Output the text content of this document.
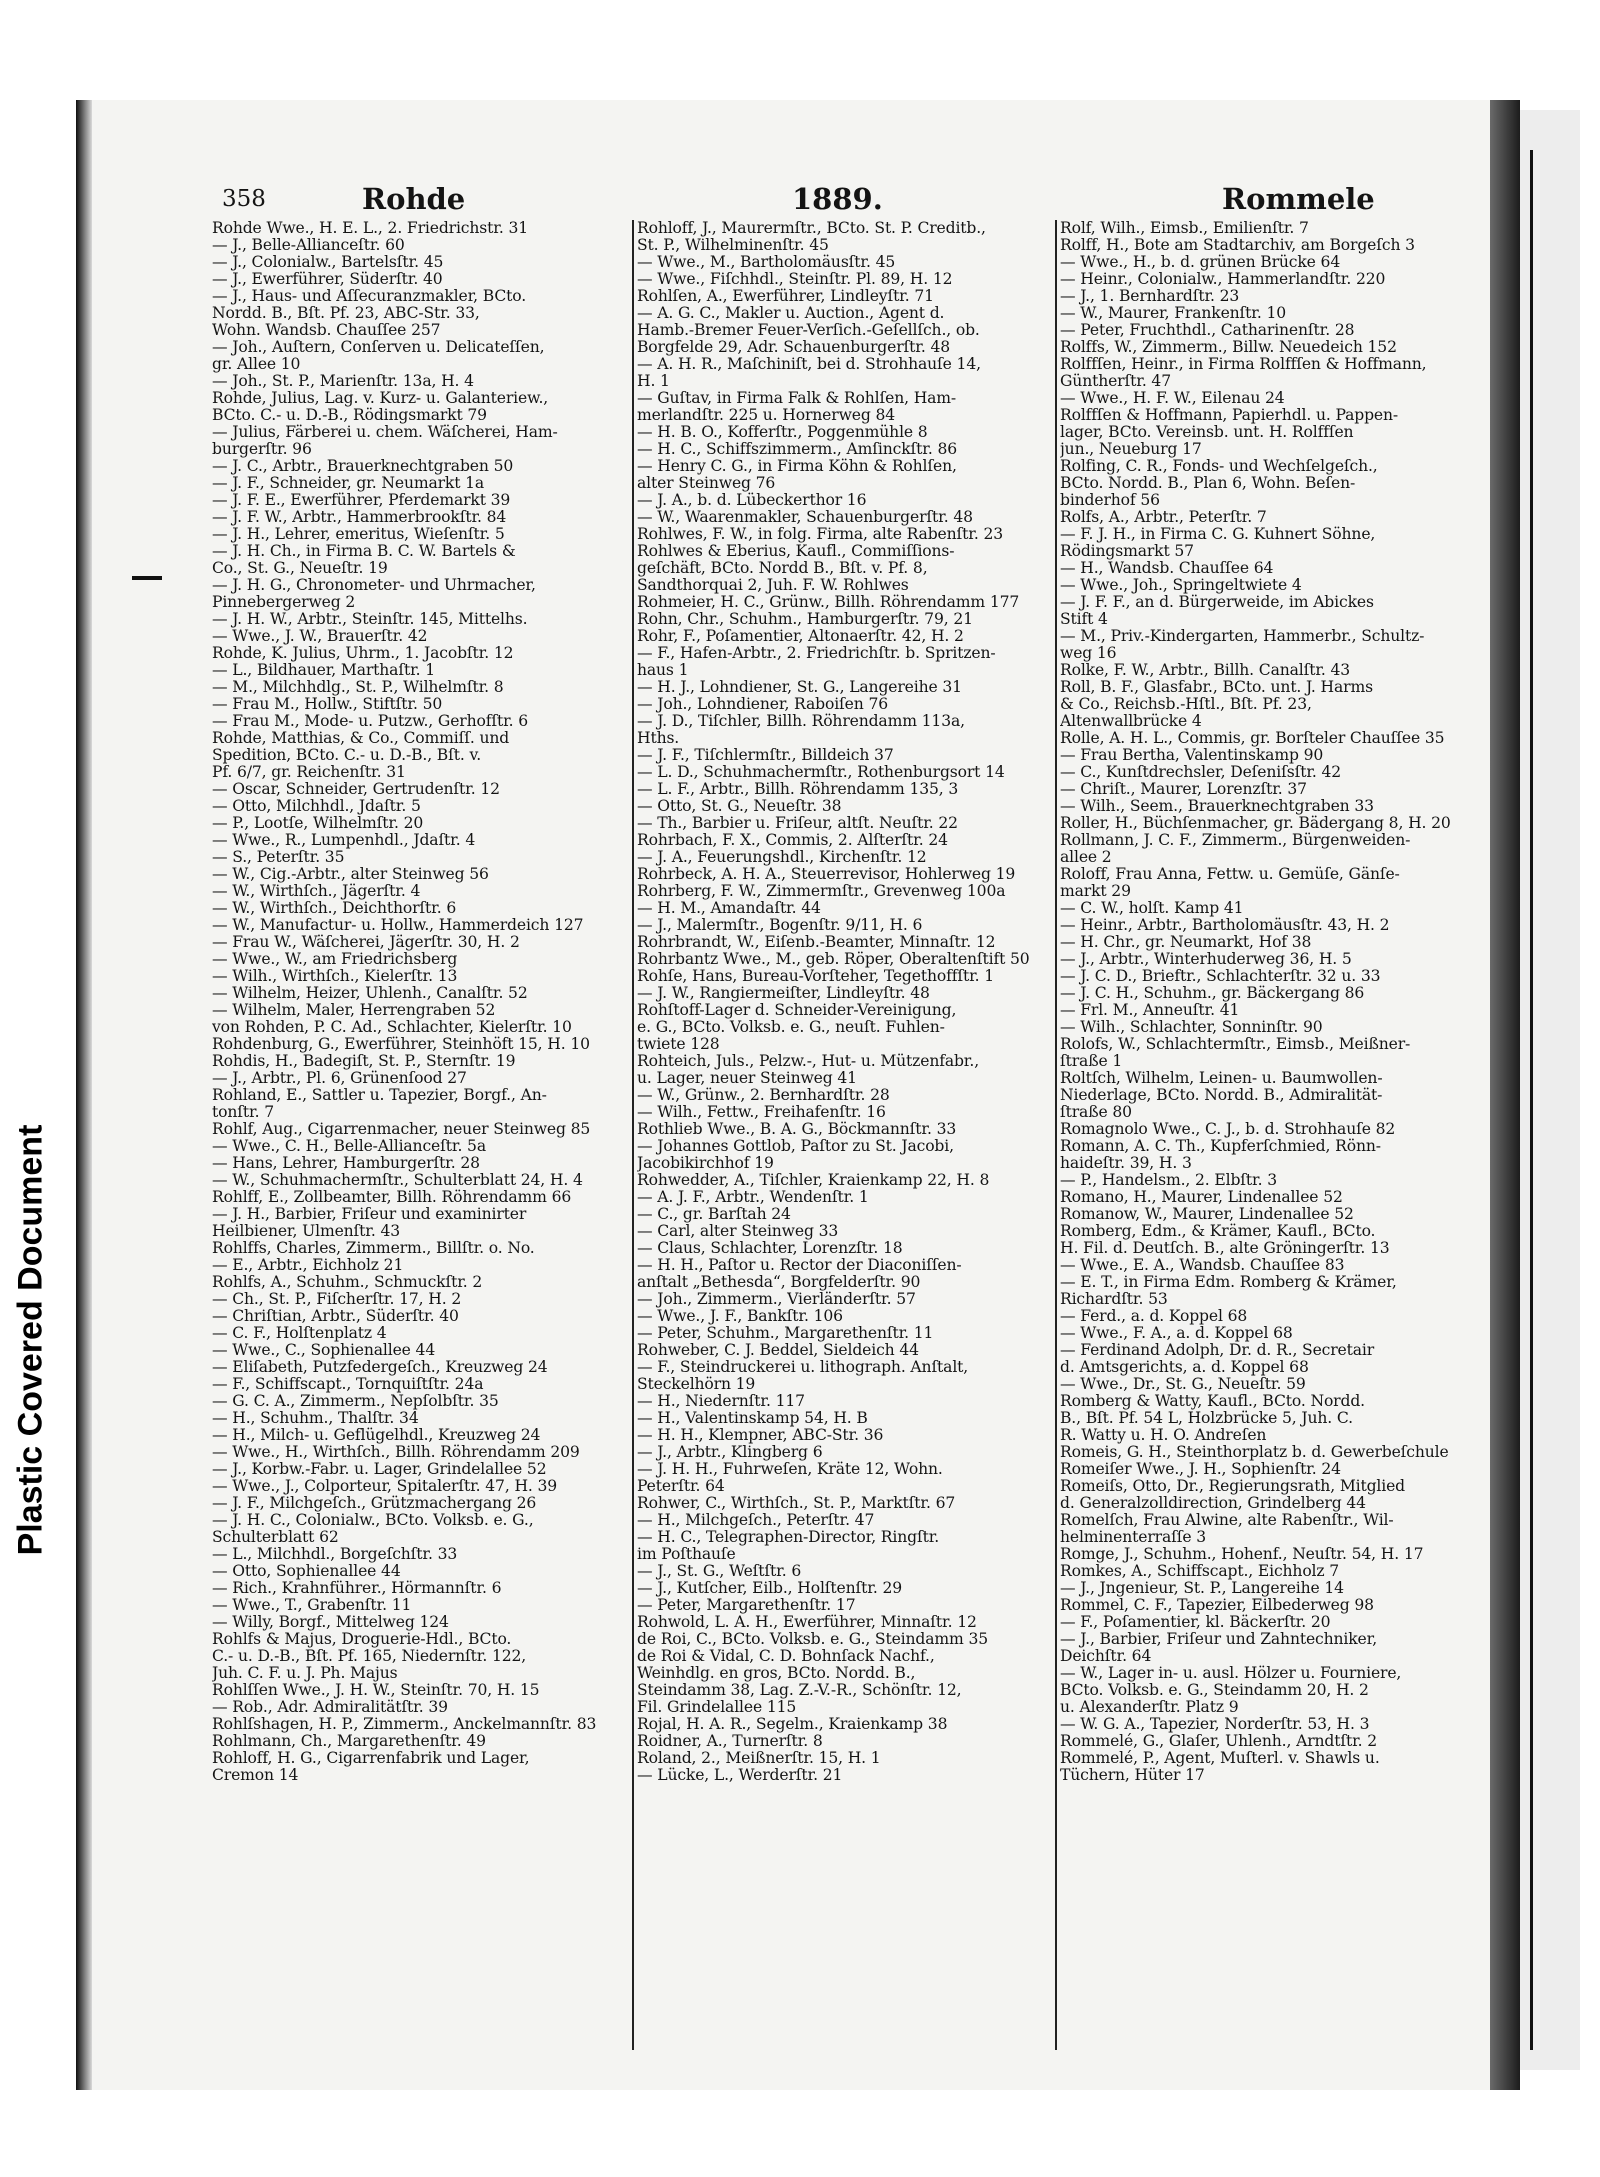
Plastic Covered Document
358	Rohde	1889.	Rommele

Rohde Wwe., H. E. L., 2. Friedrichstr. 31

— J., Belle-Allianceſtr. 60

— J., Colonialw., Bartelsſtr. 45

— J., Ewerführer, Süderſtr. 40

— J., Haus- und Aſſecuranzmakler, BCto.

Nordd. B., Bſt. Pf. 23, ABC-Str. 33,

Wohn. Wandsb. Chauſſee 257

— Joh., Auſtern, Conſerven u. Delicateſſen,

gr. Allee 10

— Joh., St. P., Marienſtr. 13a, H. 4

Rohde, Julius, Lag. v. Kurz- u. Galanteriew.,

BCto. C.- u. D.-B., Rödingsmarkt 79

— Julius, Färberei u. chem. Wäſcherei, Ham-

burgerſtr. 96

— J. C., Arbtr., Brauerknechtgraben 50

— J. F., Schneider, gr. Neumarkt 1a

— J. F. E., Ewerführer, Pferdemarkt 39

— J. F. W., Arbtr., Hammerbrookſtr. 84

— J. H., Lehrer, emeritus, Wieſenſtr. 5

— J. H. Ch., in Firma B. C. W. Bartels &

Co., St. G., Neueſtr. 19

— J. H. G., Chronometer- und Uhrmacher,

Pinnebergerweg 2

— J. H. W., Arbtr., Steinſtr. 145, Mittelhs.

— Wwe., J. W., Brauerſtr. 42

Rohde, K. Julius, Uhrm., 1. Jacobſtr. 12

— L., Bildhauer, Marthaſtr. 1

— M., Milchhdlg., St. P., Wilhelmſtr. 8

— Frau M., Hollw., Stiftſtr. 50

— Frau M., Mode- u. Putzw., Gerhofſtr. 6

Rohde, Matthias, & Co., Commiſſ. und

Spedition, BCto. C.- u. D.-B., Bſt. v.

Pf. 6/7, gr. Reichenſtr. 31

— Oscar, Schneider, Gertrudenſtr. 12

— Otto, Milchhdl., Jdaſtr. 5

— P., Lootſe, Wilhelmſtr. 20

— Wwe., R., Lumpenhdl., Jdaſtr. 4

— S., Peterſtr. 35

— W., Cig.-Arbtr., alter Steinweg 56

— W., Wirthſch., Jägerſtr. 4

— W., Wirthſch., Deichthorſtr. 6

— W., Manufactur- u. Hollw., Hammerdeich 127

— Frau W., Wäſcherei, Jägerſtr. 30, H. 2

— Wwe., W., am Friedrichsberg

— Wilh., Wirthſch., Kielerſtr. 13

— Wilhelm, Heizer, Uhlenh., Canalſtr. 52

— Wilhelm, Maler, Herrengraben 52

von Rohden, P. C. Ad., Schlachter, Kielerſtr. 10

Rohdenburg, G., Ewerführer, Steinhöft 15, H. 10

Rohdis, H., Badegiſt, St. P., Sternſtr. 19

— J., Arbtr., Pl. 6, Grünenſood 27

Rohland, E., Sattler u. Tapezier, Borgf., An-

tonſtr. 7

Rohlf, Aug., Cigarrenmacher, neuer Steinweg 85

— Wwe., C. H., Belle-Allianceſtr. 5a

— Hans, Lehrer, Hamburgerſtr. 28

— W., Schuhmachermſtr., Schulterblatt 24, H. 4

Rohlff, E., Zollbeamter, Billh. Röhrendamm 66

— J. H., Barbier, Friſeur und examinirter

Heilbiener, Ulmenſtr. 43

Rohlffs, Charles, Zimmerm., Billſtr. o. No.

— E., Arbtr., Eichholz 21

Rohlfs, A., Schuhm., Schmuckſtr. 2

— Ch., St. P., Fiſcherſtr. 17, H. 2

— Chriſtian, Arbtr., Süderſtr. 40

— C. F., Holſtenplatz 4

— Wwe., C., Sophienallee 44

— Eliſabeth, Putzfedergeſch., Kreuzweg 24

— F., Schiffscapt., Tornquiſtſtr. 24a

— G. C. A., Zimmerm., Nepſolbſtr. 35

— H., Schuhm., Thalſtr. 34

— H., Milch- u. Geflügelhdl., Kreuzweg 24

— Wwe., H., Wirthſch., Billh. Röhrendamm 209

— J., Korbw.-Fabr. u. Lager, Grindelallee 52

— Wwe., J., Colporteur, Spitalerſtr. 47, H. 39

— J. F., Milchgeſch., Grützmachergang 26

— J. H. C., Colonialw., BCto. Volksb. e. G.,

Schulterblatt 62

— L., Milchhdl., Borgeſchſtr. 33

— Otto, Sophienallee 44

— Rich., Krahnführer., Hörmannſtr. 6

— Wwe., T., Grabenſtr. 11

— Willy, Borgf., Mittelweg 124

Rohlfs & Majus, Droguerie-Hdl., BCto.

C.- u. D.-B., Bſt. Pf. 165, Niedernſtr. 122,

Juh. C. F. u. J. Ph. Majus

Rohlſſen Wwe., J. H. W., Steinſtr. 70, H. 15

— Rob., Adr. Admiralitätſtr. 39

Rohlſshagen, H. P., Zimmerm., Anckelmannſtr. 83

Rohlmann, Ch., Margarethenſtr. 49

Rohloff, H. G., Cigarrenfabrik und Lager,

Cremon 14

Rohloff, J., Maurermſtr., BCto. St. P. Creditb.,

St. P., Wilhelminenſtr. 45

— Wwe., M., Bartholomäusſtr. 45

— Wwe., Fiſchhdl., Steinſtr. Pl. 89, H. 12

Rohlſen, A., Ewerführer, Lindleyſtr. 71

— A. G. C., Makler u. Auction., Agent d.

Hamb.-Bremer Feuer-Verſich.-Geſellſch., ob.

Borgfelde 29, Adr. Schauenburgerſtr. 48

— A. H. R., Maſchiniſt, bei d. Strohhauſe 14,

H. 1

— Guſtav, in Firma Falk & Rohlſen, Ham-

merlandſtr. 225 u. Hornerweg 84

— H. B. O., Kofferſtr., Poggenmühle 8

— H. C., Schiffszimmerm., Amſinckſtr. 86

— Henry C. G., in Firma Köhn & Rohlſen,

alter Steinweg 76

— J. A., b. d. Lübeckerthor 16

— W., Waarenmakler, Schauenburgerſtr. 48

Rohlwes, F. W., in folg. Firma, alte Rabenſtr. 23

Rohlwes & Eberius, Kaufl., Commiſſions-

geſchäft, BCto. Nordd B., Bſt. v. Pf. 8,

Sandthorquai 2, Juh. F. W. Rohlwes

Rohmeier, H. C., Grünw., Billh. Röhrendamm 177

Rohn, Chr., Schuhm., Hamburgerſtr. 79, 21

Rohr, F., Poſamentier, Altonaerſtr. 42, H. 2

— F., Hafen-Arbtr., 2. Friedrichſtr. b. Spritzen-

haus 1

— H. J., Lohndiener, St. G., Langereihe 31

— Joh., Lohndiener, Raboiſen 76

— J. D., Tiſchler, Billh. Röhrendamm 113a,

Hths.

— J. F., Tiſchlermſtr., Billdeich 37

— L. D., Schuhmachermſtr., Rothenburgsort 14

— L. F., Arbtr., Billh. Röhrendamm 135, 3

— Otto, St. G., Neueſtr. 38

— Th., Barbier u. Friſeur, altſt. Neuſtr. 22

Rohrbach, F. X., Commis, 2. Alſterſtr. 24

— J. A., Feuerungshdl., Kirchenſtr. 12

Rohrbeck, A. H. A., Steuerrevisor, Hohlerweg 19

Rohrberg, F. W., Zimmermſtr., Grevenweg 100a

— H. M., Amandaſtr. 44

— J., Malermſtr., Bogenſtr. 9/11, H. 6

Rohrbrandt, W., Eiſenb.-Beamter, Minnaſtr. 12

Rohrbantz Wwe., M., geb. Röper, Oberaltenſtift 50

Rohſe, Hans, Bureau-Vorſteher, Tegethoffſtr. 1

— J. W., Rangiermeiſter, Lindleyſtr. 48

Rohſtoff-Lager d. Schneider-Vereinigung,

e. G., BCto. Volksb. e. G., neuſt. Fuhlen-

twiete 128

Rohteich, Juls., Pelzw.-, Hut- u. Mützenfabr.,

u. Lager, neuer Steinweg 41

— W., Grünw., 2. Bernhardſtr. 28

— Wilh., Fettw., Freihafenſtr. 16

Rothlieb Wwe., B. A. G., Böckmannſtr. 33

— Johannes Gottlob, Paſtor zu St. Jacobi,

Jacobikirchhof 19

Rohwedder, A., Tiſchler, Kraienkamp 22, H. 8

— A. J. F., Arbtr., Wendenſtr. 1

— C., gr. Barſtah 24

— Carl, alter Steinweg 33

— Claus, Schlachter, Lorenzſtr. 18

— H. H., Paſtor u. Rector der Diaconiſſen-

anſtalt „Bethesda“, Borgfelderſtr. 90

— Joh., Zimmerm., Vierländerſtr. 57

— Wwe., J. F., Bankſtr. 106

— Peter, Schuhm., Margarethenſtr. 11

Rohweber, C. J. Beddel, Sieldeich 44

— F., Steindruckerei u. lithograph. Anſtalt,

Steckelhörn 19

— H., Niedernſtr. 117

— H., Valentinskamp 54, H. B

— H. H., Klempner, ABC-Str. 36

— J., Arbtr., Klingberg 6

— J. H. H., Fuhrweſen, Kräte 12, Wohn.

Peterſtr. 64

Rohwer, C., Wirthſch., St. P., Marktſtr. 67

— H., Milchgeſch., Peterſtr. 47

— H. C., Telegraphen-Director, Ringſtr.

im Poſthauſe

— J., St. G., Weſtſtr. 6

— J., Kutſcher, Eilb., Holſtenſtr. 29

— Peter, Margarethenſtr. 17

Rohwold, L. A. H., Ewerführer, Minnaſtr. 12

de Roi, C., BCto. Volksb. e. G., Steindamm 35

de Roi & Vidal, C. D. Bohnſack Nachf.,

Weinhdlg. en gros, BCto. Nordd. B.,

Steindamm 38, Lag. Z.-V.-R., Schönſtr. 12,

Fil. Grindelallee 115

Rojal, H. A. R., Segelm., Kraienkamp 38

Roidner, A., Turnerſtr. 8

Roland, 2., Meißnerſtr. 15, H. 1

— Lücke, L., Werderſtr. 21

Rolf, Wilh., Eimsb., Emilienſtr. 7

Rolff, H., Bote am Stadtarchiv, am Borgeſch 3

— Wwe., H., b. d. grünen Brücke 64

— Heinr., Colonialw., Hammerlandſtr. 220

— J., 1. Bernhardſtr. 23

— W., Maurer, Frankenſtr. 10

— Peter, Fruchthdl., Catharinenſtr. 28

Rolffs, W., Zimmerm., Billw. Neuedeich 152

Rolffſen, Heinr., in Firma Rolffſen & Hoffmann,

Güntherſtr. 47

— Wwe., H. F. W., Eilenau 24

Rolffſen & Hoffmann, Papierhdl. u. Pappen-

lager, BCto. Vereinsb. unt. H. Rolffſen

jun., Neueburg 17

Rolfing, C. R., Fonds- und Wechſelgeſch.,

BCto. Nordd. B., Plan 6, Wohn. Beſen-

binderhof 56

Rolfs, A., Arbtr., Peterſtr. 7

— F. J. H., in Firma C. G. Kuhnert Söhne,

Rödingsmarkt 57

— H., Wandsb. Chauſſee 64

— Wwe., Joh., Springeltwiete 4

— J. F. F., an d. Bürgerweide, im Abickes

Stift 4

— M., Priv.-Kindergarten, Hammerbr., Schultz-

weg 16

Rolke, F. W., Arbtr., Billh. Canalſtr. 43

Roll, B. F., Glasfabr., BCto. unt. J. Harms

& Co., Reichsb.-Hſtl., Bſt. Pf. 23,

Altenwallbrücke 4

Rolle, A. H. L., Commis, gr. Borſteler Chauſſee 35

— Frau Bertha, Valentinskamp 90

— C., Kunſtdrechsler, Deſeniſsſtr. 42

— Chriſt., Maurer, Lorenzſtr. 37

— Wilh., Seem., Brauerknechtgraben 33

Roller, H., Büchſenmacher, gr. Bädergang 8, H. 20

Rollmann, J. C. F., Zimmerm., Bürgenweiden-

allee 2

Roloff, Frau Anna, Fettw. u. Gemüſe, Gänſe-

markt 29

— C. W., holſt. Kamp 41

— Heinr., Arbtr., Bartholomäusſtr. 43, H. 2

— H. Chr., gr. Neumarkt, Hof 38

— J., Arbtr., Winterhuderweg 36, H. 5

— J. C. D., Brieftr., Schlachterſtr. 32 u. 33

— J. C. H., Schuhm., gr. Bäckergang 86

— Frl. M., Anneuſtr. 41

— Wilh., Schlachter, Sonninſtr. 90

Rolofs, W., Schlachtermſtr., Eimsb., Meißner-

ſtraße 1

Roltſch, Wilhelm, Leinen- u. Baumwollen-

Niederlage, BCto. Nordd. B., Admiralität-

ſtraße 80

Romagnolo Wwe., C. J., b. d. Strohhauſe 82

Romann, A. C. Th., Kupferſchmied, Rönn-

haideſtr. 39, H. 3

— P., Handelsm., 2. Elbſtr. 3

Romano, H., Maurer, Lindenallee 52

Romanow, W., Maurer, Lindenallee 52

Romberg, Edm., & Krämer, Kaufl., BCto.

H. Fil. d. Deutſch. B., alte Gröningerſtr. 13

— Wwe., E. A., Wandsb. Chauſſee 83

— E. T., in Firma Edm. Romberg & Krämer,

Richardſtr. 53

— Ferd., a. d. Koppel 68

— Wwe., F. A., a. d. Koppel 68

— Ferdinand Adolph, Dr. d. R., Secretair

d. Amtsgerichts, a. d. Koppel 68

— Wwe., Dr., St. G., Neueſtr. 59

Romberg & Watty, Kaufl., BCto. Nordd.

B., Bſt. Pf. 54 L, Holzbrücke 5, Juh. C.

R. Watty u. H. O. Andreſen

Romeis, G. H., Steinthorplatz b. d. Gewerbeſchule

Romeiſer Wwe., J. H., Sophienſtr. 24

Romeiſs, Otto, Dr., Regierungsrath, Mitglied

d. Generalzolldirection, Grindelberg 44

Romelſch, Frau Alwine, alte Rabenſtr., Wil-

helminenterraſſe 3

Romge, J., Schuhm., Hohenf., Neuſtr. 54, H. 17

Romkes, A., Schiffscapt., Eichholz 7

— J., Jngenieur, St. P., Langereihe 14

Rommel, C. F., Tapezier, Eilbederweg 98

— F., Poſamentier, kl. Bäckerſtr. 20

— J., Barbier, Friſeur und Zahntechniker,

Deichſtr. 64

— W., Lager in- u. ausl. Hölzer u. Fourniere,

BCto. Volksb. e. G., Steindamm 20, H. 2

u. Alexanderſtr. Platz 9

— W. G. A., Tapezier, Norderſtr. 53, H. 3

Rommelé, G., Glaſer, Uhlenh., Arndtſtr. 2

Rommelé, P., Agent, Muſterl. v. Shawls u.

Tüchern, Hüter 17
